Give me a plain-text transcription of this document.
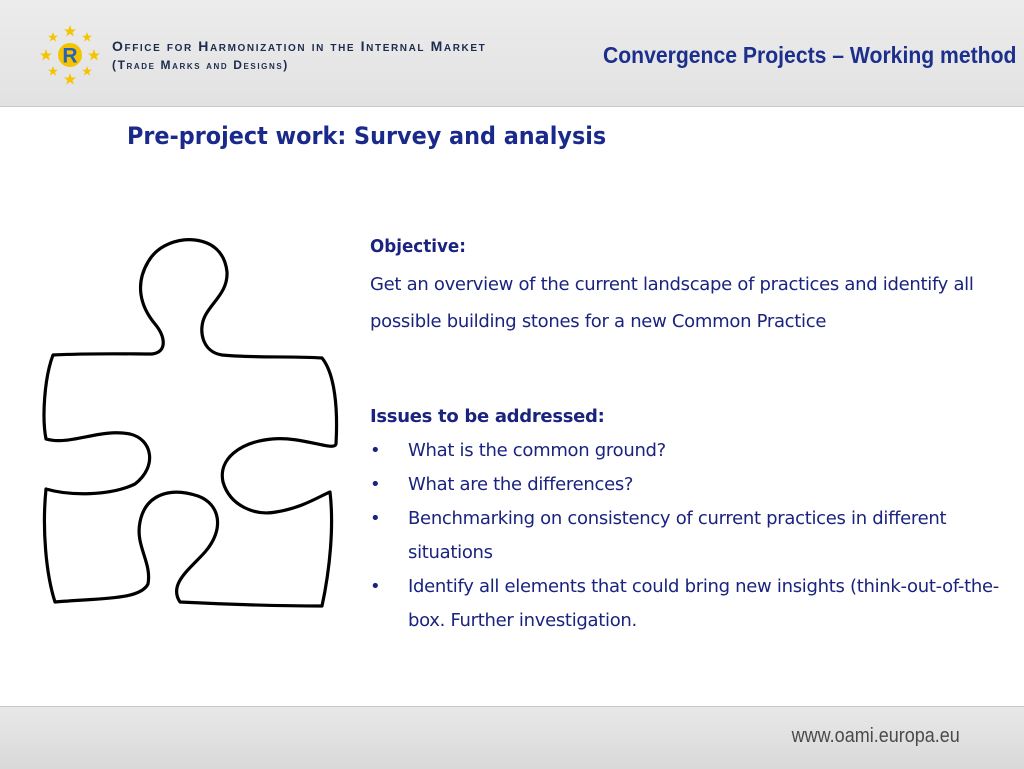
R Office for Harmonization in the Internal Market
(Trade Marks and Designs)	Convergence Projects – Working method
Pre-project work: Survey and analysis
Objective:
Get an overview of the current landscape of practices and identify all possible building stones for a new Common Practice
Issues to be addressed:
• What is the common ground?
• What are the differences?
• Benchmarking on consistency of current practices in different situations
• Identify all elements that could bring new insights (think-out-of-the-box. Further investigation.
www.oami.europa.eu
